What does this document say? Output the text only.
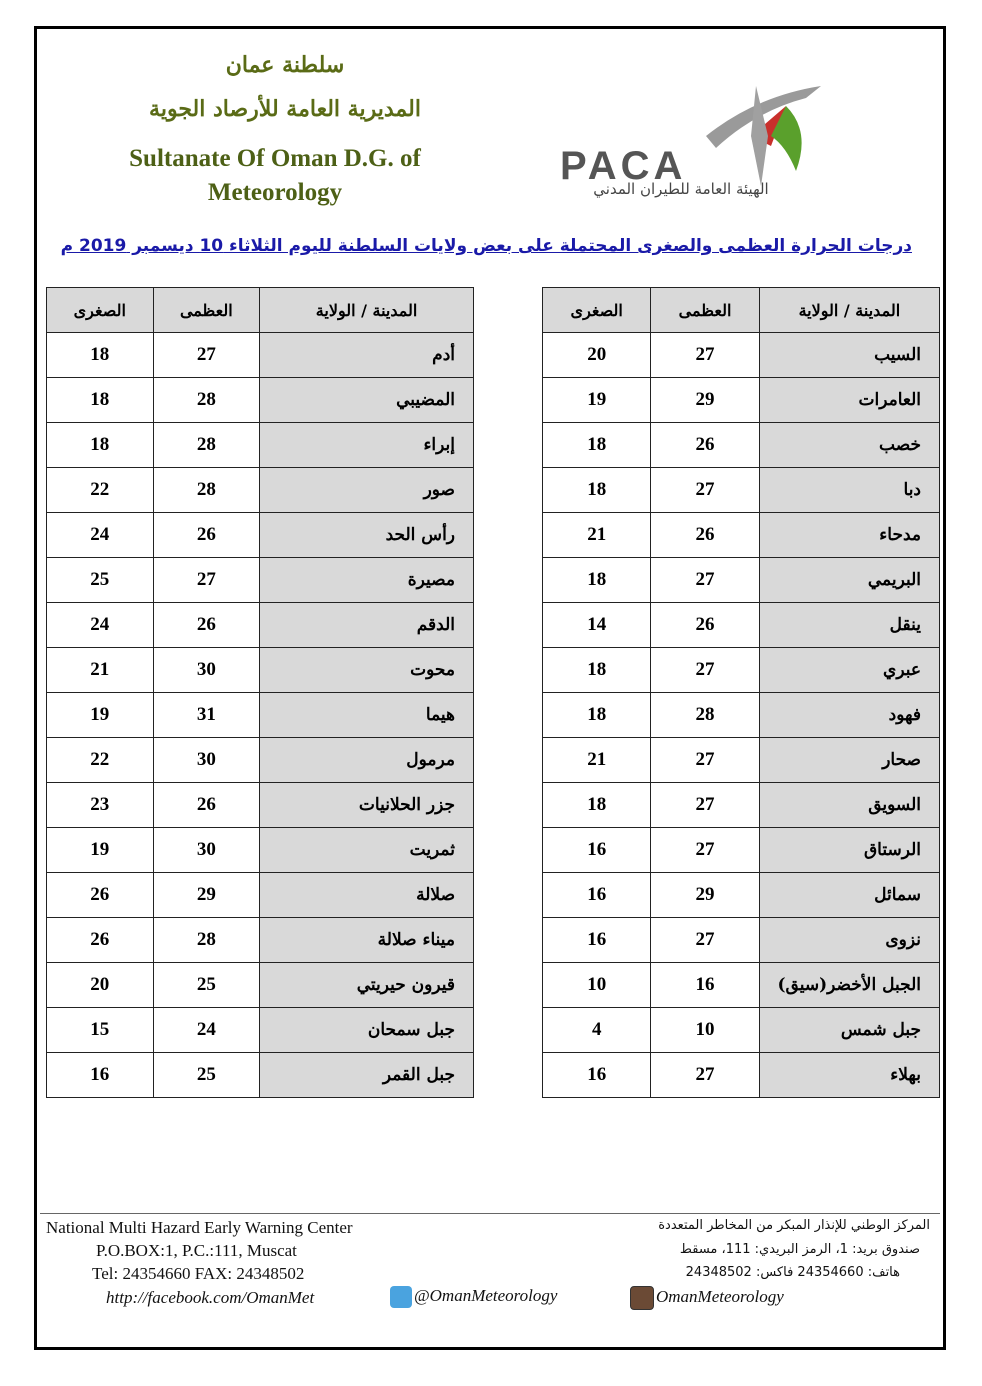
سلطنة عمان
المديرية العامة للأرصاد الجوية
Sultanate Of Oman D.G. of
Meteorology
PACA
الهيئة العامة للطيران المدني
درجات الحرارة العظمى والصغرى المحتملة على بعض ولايات السلطنة لليوم الثلاثاء 10 ديسمبر 2019 م
المدينة / الولاية	العظمى	الصغرى
السيب	27	20
العامرات	29	19
خصب	26	18
دبا	27	18
مدحاء	26	21
البريمي	27	18
ينقل	26	14
عبري	27	18
فهود	28	18
صحار	27	21
السويق	27	18
الرستاق	27	16
سمائل	29	16
نزوى	27	16
الجبل الأخضر(سيق)	16	10
جبل شمس	10	4
بهلاء	27	16
المدينة / الولاية	العظمى	الصغرى
أدم	27	18
المضيبي	28	18
إبراء	28	18
صور	28	22
رأس الحد	26	24
مصيرة	27	25
الدقم	26	24
محوت	30	21
هيما	31	19
مرمول	30	22
جزر الحلانيات	26	23
ثمريت	30	19
صلالة	29	26
ميناء صلالة	28	26
قيرون حيريتي	25	20
جبل سمحان	24	15
جبل القمر	25	16
National Multi Hazard Early Warning Center
P.O.BOX:1, P.C.:111, Muscat
Tel: 24354660 FAX: 24348502
المركز الوطني للإنذار المبكر من المخاطر المتعددة
صندوق بريد: 1، الرمز البريدي: 111، مسقط
هاتف: 24354660 فاكس: 24348502
http://facebook.com/OmanMet	@OmanMeteorology	OmanMeteorology
